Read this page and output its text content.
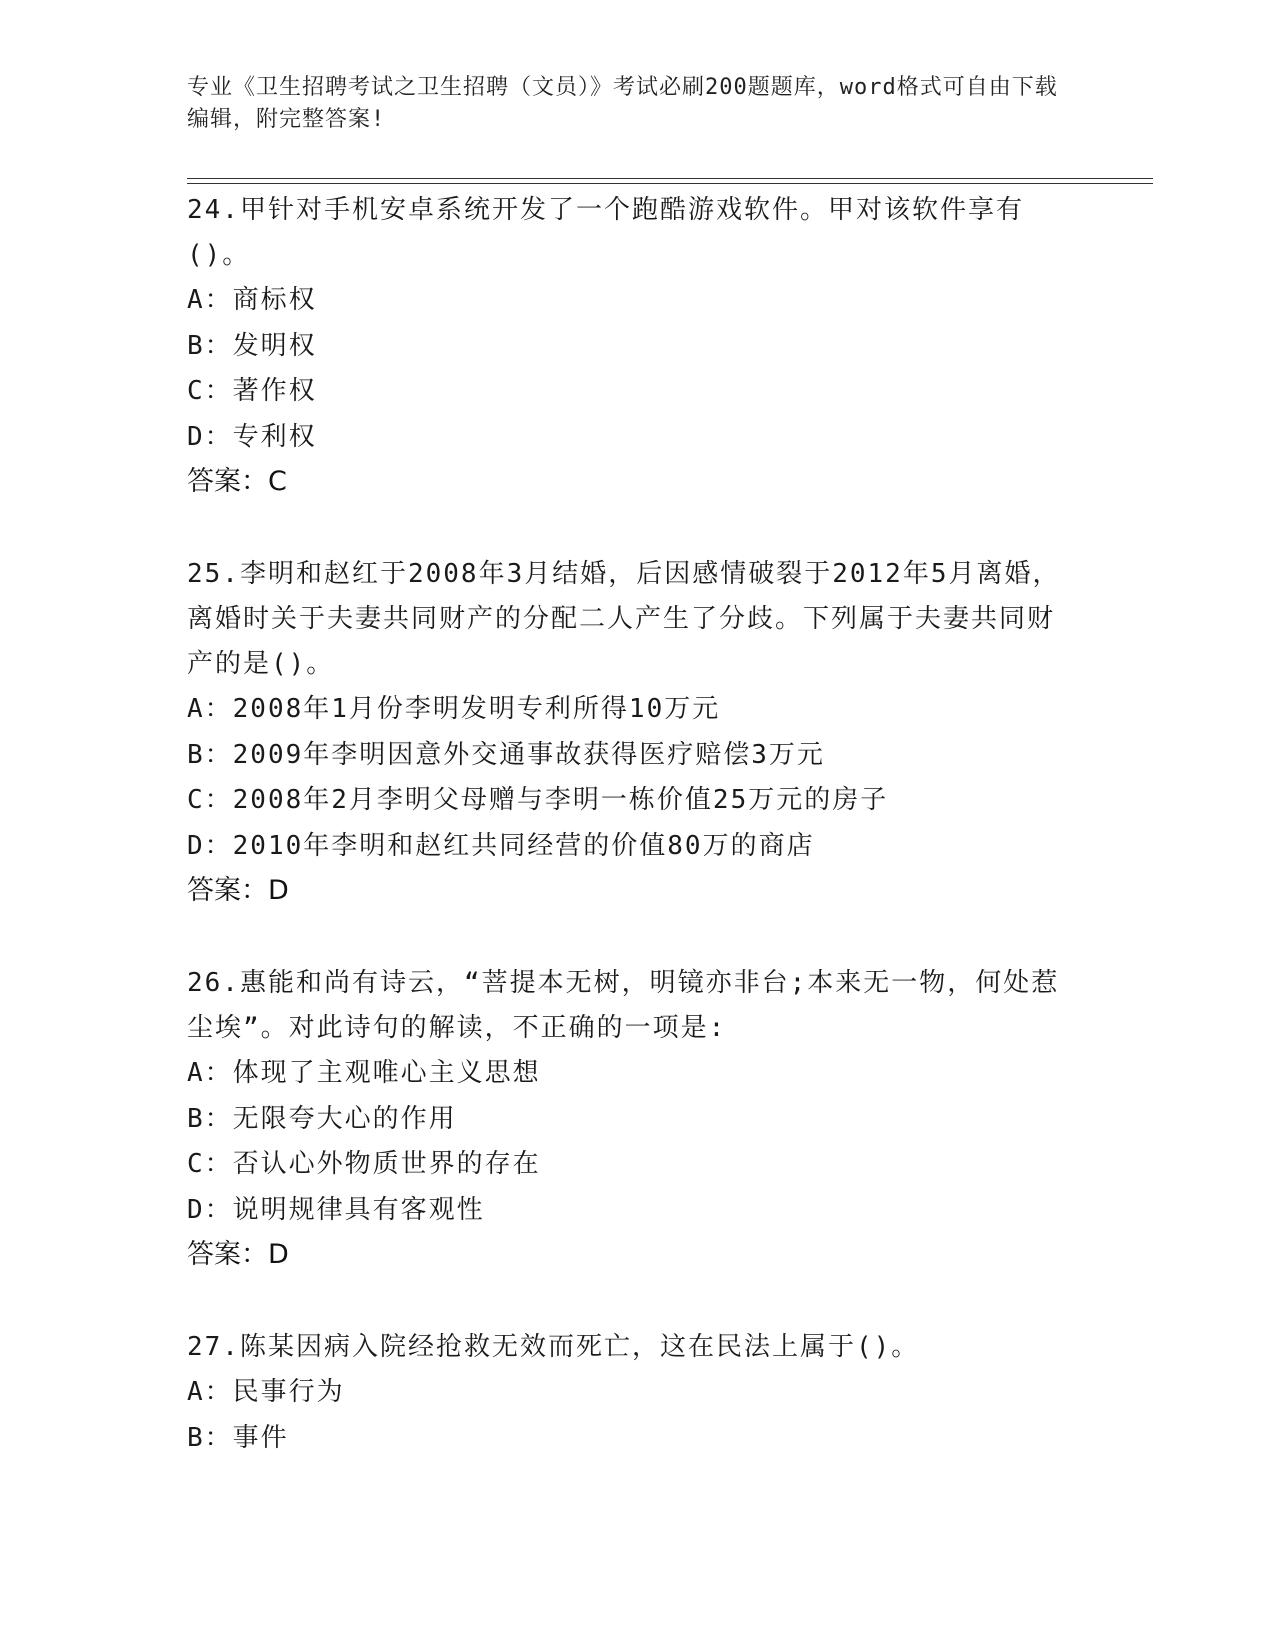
专业《卫生招聘考试之卫生招聘（文员）》考试必刷200题题库，word格式可自由下载编辑，附完整答案!
24.甲针对手机安卓系统开发了一个跑酷游戏软件。甲对该软件享有()。
A：商标权
B：发明权
C：著作权
D：专利权
答案：C
25.李明和赵红于2008年3月结婚，后因感情破裂于2012年5月离婚，离婚时关于夫妻共同财产的分配二人产生了分歧。下列属于夫妻共同财产的是()。
A：2008年1月份李明发明专利所得10万元
B：2009年李明因意外交通事故获得医疗赔偿3万元
C：2008年2月李明父母赠与李明一栋价值25万元的房子
D：2010年李明和赵红共同经营的价值80万的商店
答案：D
26.惠能和尚有诗云，“菩提本无树，明镜亦非台;本来无一物，何处惹尘埃”。对此诗句的解读，不正确的一项是:
A：体现了主观唯心主义思想
B：无限夸大心的作用
C：否认心外物质世界的存在
D：说明规律具有客观性
答案：D
27.陈某因病入院经抢救无效而死亡，这在民法上属于()。
A：民事行为
B：事件
